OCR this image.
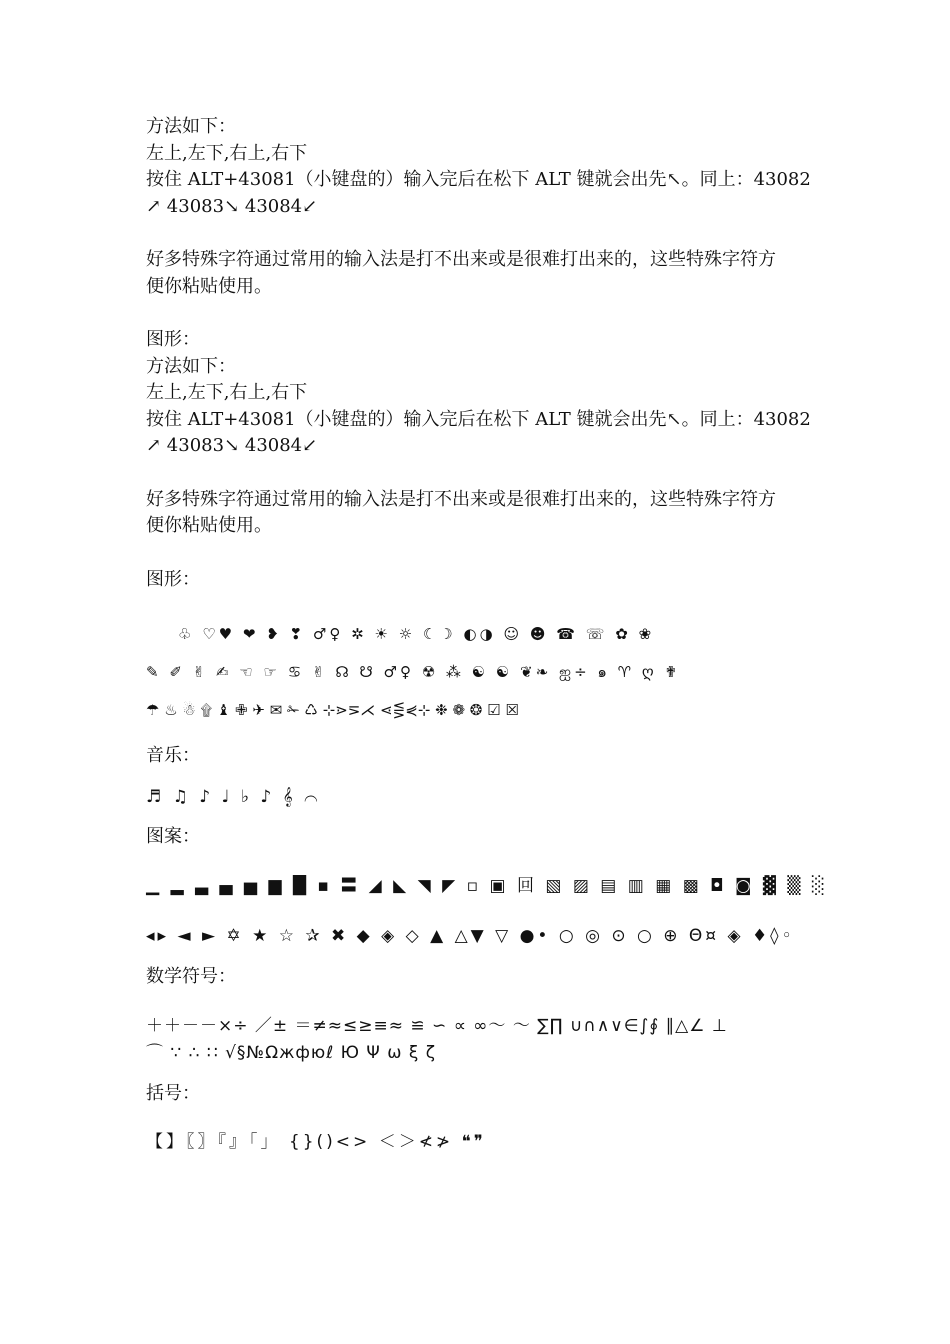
方法如下：
左上,左下,右上,右下
按住 ALT+43081（小键盘的）输入完后在松下 ALT 键就会出先↖。同上：43082
↗ 43083↘ 43084↙
好多特殊字符通过常用的输入法是打不出来或是很难打出来的，这些特殊字符方
便你粘贴使用。
图形：
方法如下：
左上,左下,右上,右下
按住 ALT+43081（小键盘的）输入完后在松下 ALT 键就会出先↖。同上：43082
↗ 43083↘ 43084↙
好多特殊字符通过常用的输入法是打不出来或是很难打出来的，这些特殊字符方
便你粘贴使用。
图形：
♧ ♡♥ ❤ ❥ ❣ ♂♀ ✲ ☀ ☼ ☾☽ ◐◑ ☺ ☻ ☎ ☏ ✿ ❀
✎ ✐ ✌ ✍ ☜ ☞ ♋ ✌ ☊ ☋ ♂♀ ☢ ⁂ ☯ ☯ ❦❧ ஐ÷ ๑ ♈ ღ ✟
☂ ♨ ☃ ۩ ♝ ✙ ✈ ✉ ✁ ♺ ⊹⋗⋝⋌ ⋖⋚⋞⊹ ❉ ❁ ❂ ☑ ☒
音乐：
♬ ♫ ♪ ♩ ♭ ♪ 𝄞 ⌒
图案：
▁ ▂ ▃ ▄ ▅ ▆ █ ▪ 〓 ◢ ◣ ◥ ◤ ▫ ▣ 回 ▧ ▨ ▤ ▥ ▦ ▩ ◘ ◙ ▓ ▒ ░
◂▸ ◄ ► ✡ ★ ☆ ✰ ✖ ◆ ◈ ◇ ▲ △▼ ▽ ●• ○ ◎ ⊙ ○ ⊕ Θ¤ ◈ ♦◊◦
数学符号：
＋＋－－×÷ ／± ＝≠≈≤≥≡≈ ≌ ∽ ∝ ∞～ ～ ∑∏ ∪∩∧∨∈∫∮ ∥△∠ ⊥
⌒ ∵ ∴ ∷ √§№Ωжфюℓ Ю Ψ ω ξ ζ
括号：
【】〖〗『』「」 {}()<> ＜＞≮≯ ❝❞
